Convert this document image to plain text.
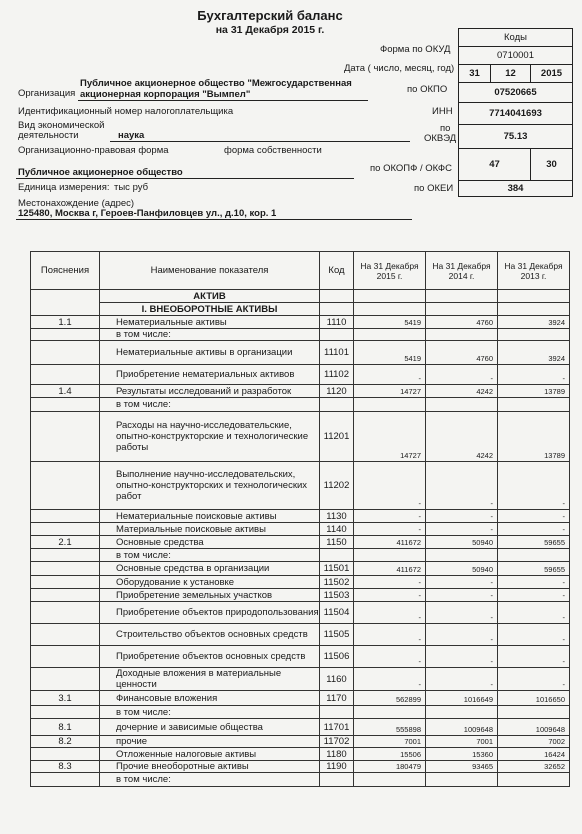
Бухгалтерский баланс
на 31 Декабря 2015 г.
Коды		
0710001		
31	12	2015
07520665		
7714041693		
75.13		
47		30
384		
Форма по ОКУД
Дата ( число, месяц, год)
по ОКПО
ИНН
по
ОКВЭД
по ОКОПФ / ОКФС
по ОКЕИ
Организация
Публичное акционерное общество "Межгосударственная
акционерная корпорация "Вымпел"
Идентификационный номер налогоплательщика
Вид экономической
деятельности	наука
Организационно-правовая форма	форма собственности
Публичное акционерное общество
Единица измерения: тыс руб
Местонахождение (адрес)
125480, Москва г, Героев-Панфиловцев ул., д.10, кор. 1
Пояснения	Наименование показателя	Код	На 31 Декабря 2015 г.	На 31 Декабря 2014 г.	На 31 Декабря 2013 г.
	АКТИВ				
	I. ВНЕОБОРОТНЫЕ АКТИВЫ				
1.1	Нематериальные активы	1110	5419	4760	3924
	в том числе:				
	Нематериальные активы в организации	11101	5419	4760	3924
	Приобретение нематериальных активов	11102	-	-	-
1.4	Результаты исследований и разработок	1120	14727	4242	13789
	в том числе:				
	Расходы на научно-исследовательские, опытно-конструкторские и технологические работы	11201	14727	4242	13789
	Выполнение научно-исследовательских, опытно-конструкторских и технологических работ	11202	-	-	-
	Нематериальные поисковые активы	1130	-	-	-
	Материальные поисковые активы	1140	-	-	-
2.1	Основные средства	1150	411672	50940	59655
	в том числе:				
	Основные средства в организации	11501	411672	50940	59655
	Оборудование к установке	11502	-	-	-
	Приобретение земельных участков	11503	-	-	-
	Приобретение объектов природопользования	11504	-	-	-
	Строительство объектов основных средств	11505	-	-	-
	Приобретение объектов основных средств	11506	-	-	-
	Доходные вложения в материальные ценности	1160	-	-	-
3.1	Финансовые вложения	1170	562899	1016649	1016650
	в том числе:				
8.1	дочерние и зависимые общества	11701	555898	1009648	1009648
8.2	прочие	11702	7001	7001	7002
	Отложенные налоговые активы	1180	15506	15360	16424
8.3	Прочие внеоборотные активы	1190	180479	93465	32652
	в том числе:				
